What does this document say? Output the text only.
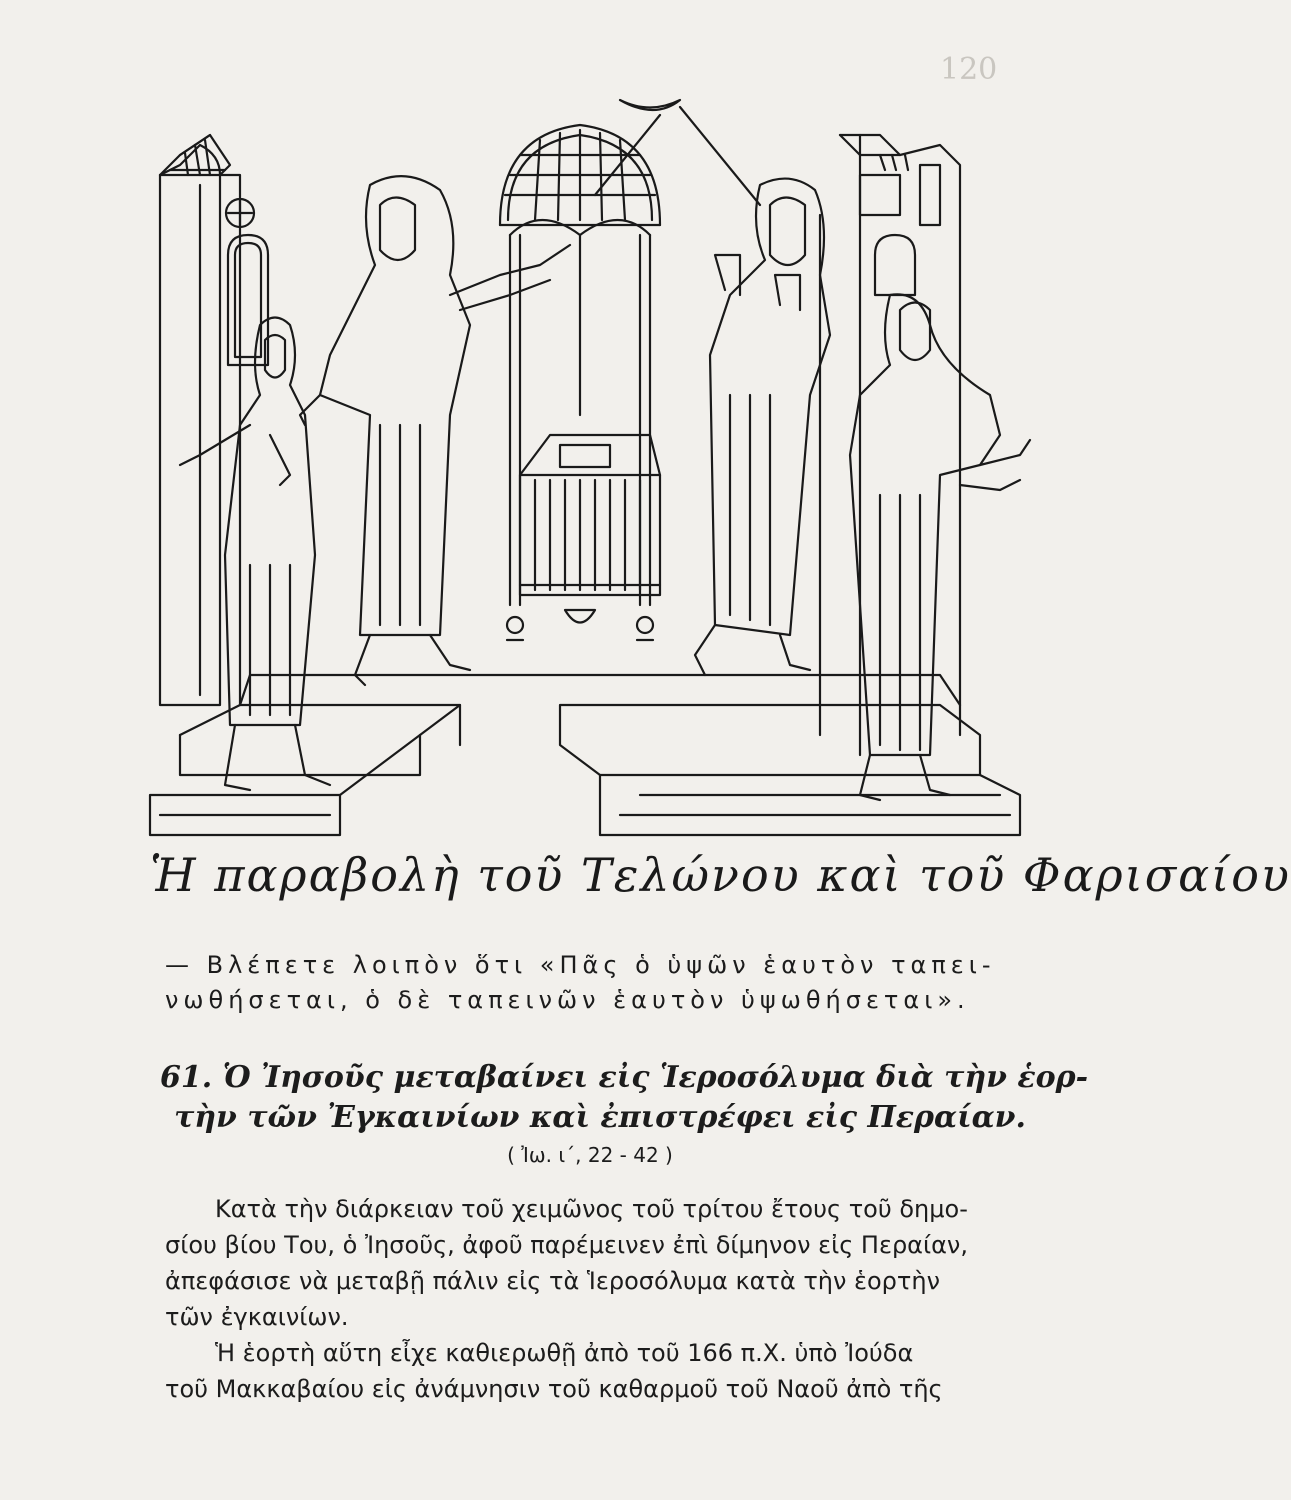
120
Ἡ παραβολὴ τοῦ Τελώνου καὶ τοῦ Φαρισαίου
— Βλέπετε λοιπὸν ὅτι «Πᾶς ὁ ὑψῶν ἑαυτὸν ταπει-
νωθήσεται, ὁ δὲ ταπεινῶν ἑαυτὸν ὑψωθήσεται».
61. Ὁ Ἰησοῦς μεταβαίνει εἰς Ἱεροσόλυμα διὰ τὴν ἑορ-
τὴν τῶν Ἐγκαινίων καὶ ἐπιστρέφει εἰς Περαίαν.
( Ἰω. ι΄, 22 - 42 )
Κατὰ τὴν διάρκειαν τοῦ χειμῶνος τοῦ τρίτου ἔτους τοῦ δημο-
σίου βίου Του, ὁ Ἰησοῦς, ἀφοῦ παρέμεινεν ἐπὶ δίμηνον εἰς Περαίαν,
ἀπεφάσισε νὰ μεταβῇ πάλιν εἰς τὰ Ἱεροσόλυμα κατὰ τὴν ἑορτὴν
τῶν ἐγκαινίων.
Ἡ ἑορτὴ αὕτη εἶχε καθιερωθῇ ἀπὸ τοῦ 166 π.Χ. ὑπὸ Ἰούδα
τοῦ Μακκαβαίου εἰς ἀνάμνησιν τοῦ καθαρμοῦ τοῦ Ναοῦ ἀπὸ τῆς
